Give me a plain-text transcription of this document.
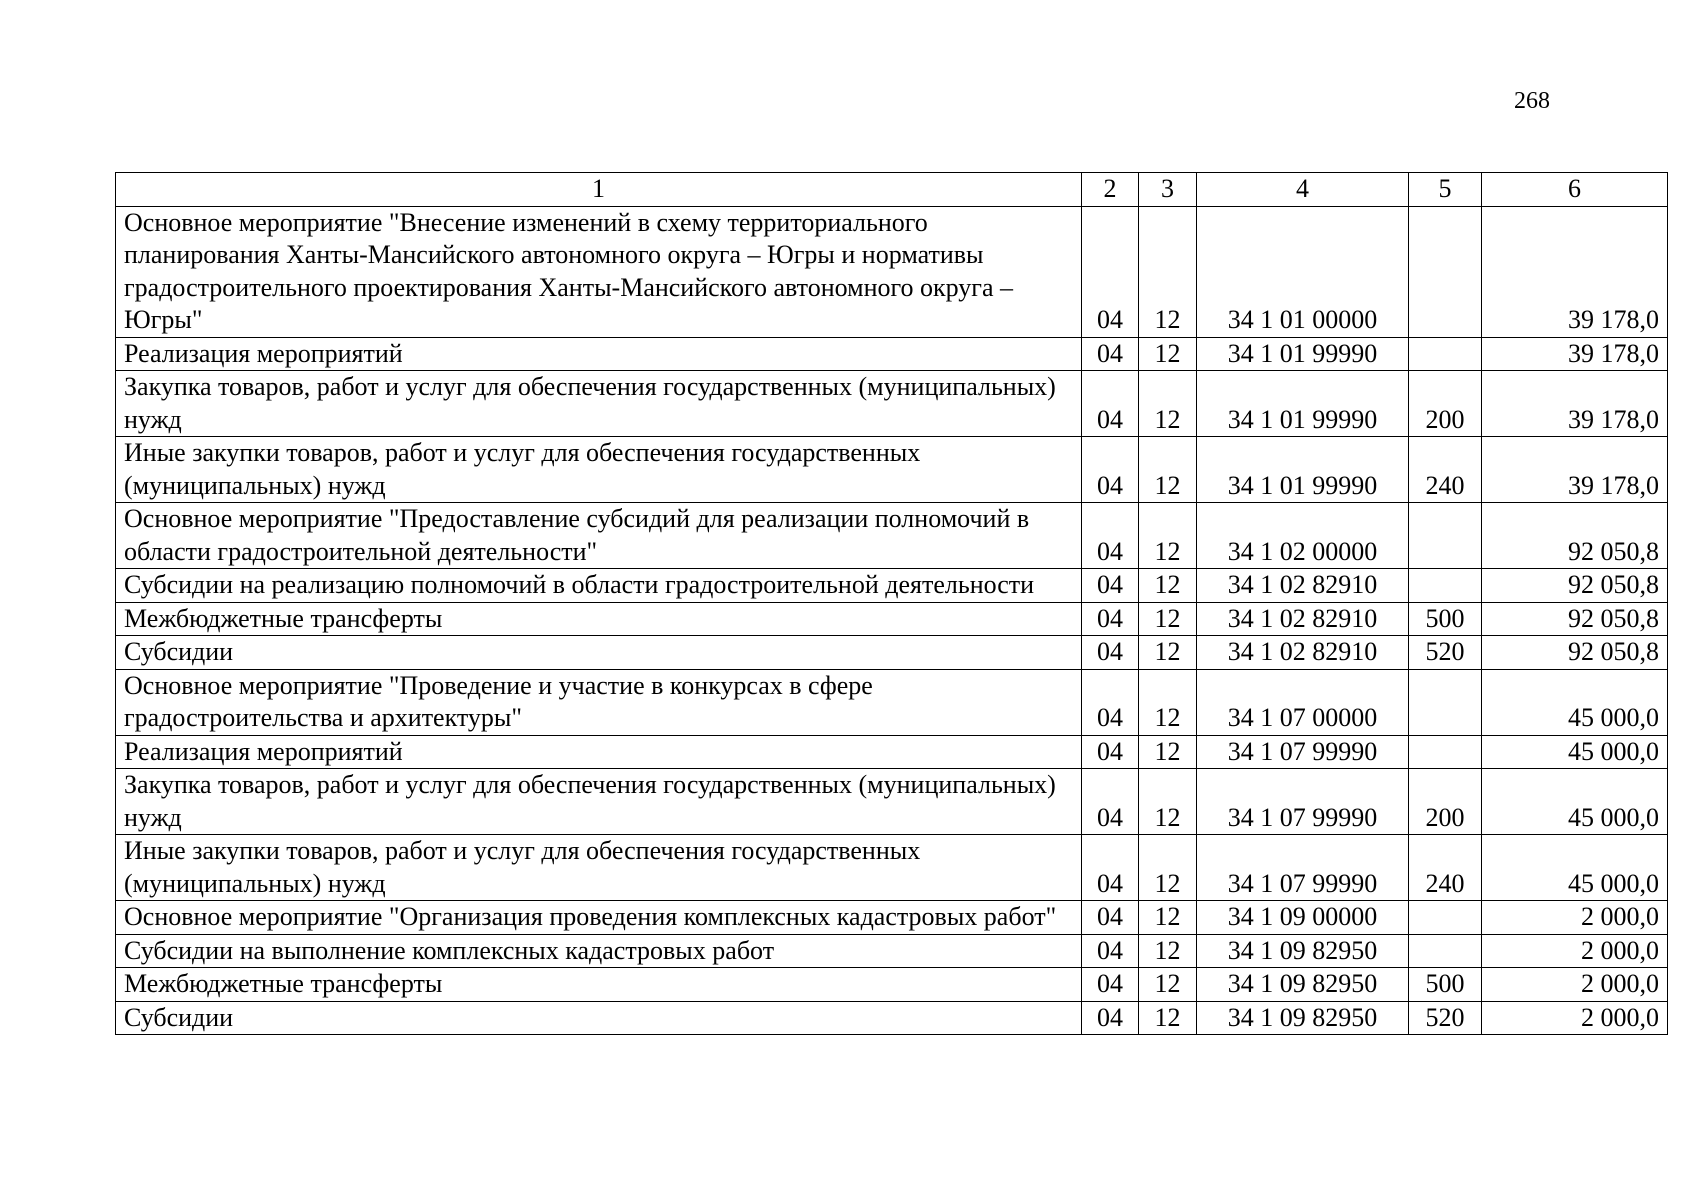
268
1	2	3	4	5	6
Основное мероприятие "Внесение изменений в схему территориального планирования Ханты-Мансийского автономного округа – Югры и нормативы градостроительного проектирования Ханты-Мансийского автономного округа – Югры"	04	12	34 1 01 00000		39 178,0
Реализация мероприятий	04	12	34 1 01 99990		39 178,0
Закупка товаров, работ и услуг для обеспечения государственных (муниципальных) нужд	04	12	34 1 01 99990	200	39 178,0
Иные закупки товаров, работ и услуг для обеспечения государственных (муниципальных) нужд	04	12	34 1 01 99990	240	39 178,0
Основное мероприятие "Предоставление субсидий для реализации полномочий в области градостроительной деятельности"	04	12	34 1 02 00000		92 050,8
Субсидии на реализацию полномочий в области градостроительной деятельности	04	12	34 1 02 82910		92 050,8
Межбюджетные трансферты	04	12	34 1 02 82910	500	92 050,8
Субсидии	04	12	34 1 02 82910	520	92 050,8
Основное мероприятие "Проведение и участие в конкурсах в сфере градостроительства и архитектуры"	04	12	34 1 07 00000		45 000,0
Реализация мероприятий	04	12	34 1 07 99990		45 000,0
Закупка товаров, работ и услуг для обеспечения государственных (муниципальных) нужд	04	12	34 1 07 99990	200	45 000,0
Иные закупки товаров, работ и услуг для обеспечения государственных (муниципальных) нужд	04	12	34 1 07 99990	240	45 000,0
Основное мероприятие "Организация проведения комплексных кадастровых работ"	04	12	34 1 09 00000		2 000,0
Субсидии на выполнение комплексных кадастровых работ	04	12	34 1 09 82950		2 000,0
Межбюджетные трансферты	04	12	34 1 09 82950	500	2 000,0
Субсидии	04	12	34 1 09 82950	520	2 000,0
